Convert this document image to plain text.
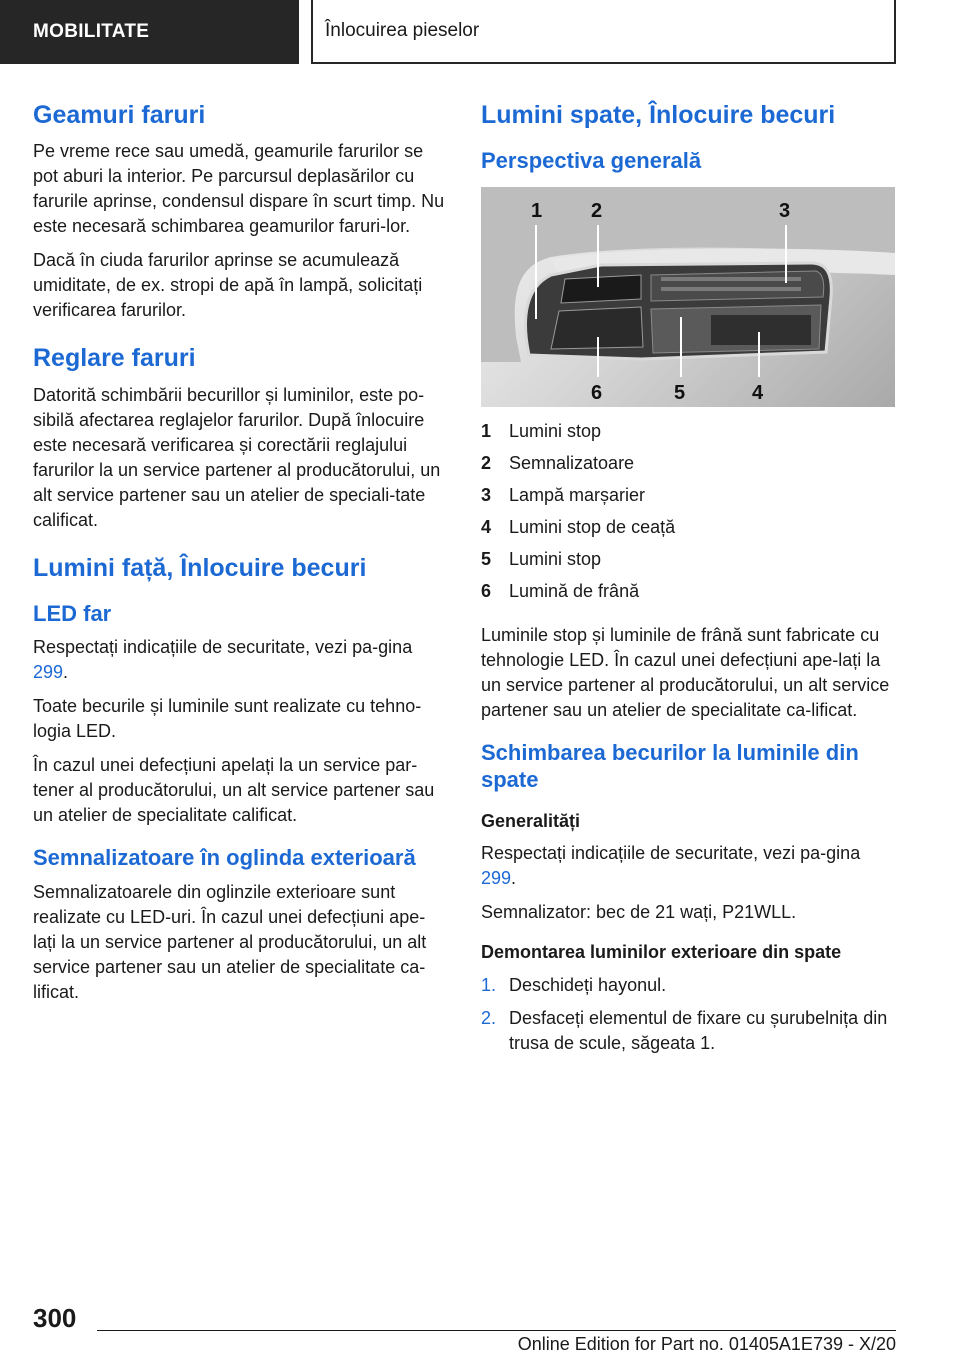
MOBILITATE	Înlocuirea pieselor
Geamuri faruri

Pe vreme rece sau umedă, geamurile farurilor se pot aburi la interior. Pe parcursul deplasărilor cu farurile aprinse, condensul dispare în scurt timp. Nu este necesară schimbarea geamurilor faruri-lor.

Dacă în ciuda farurilor aprinse se acumulează umiditate, de ex. stropi de apă în lampă, solicitați verificarea farurilor.

Reglare faruri

Datorită schimbării becurillor și luminilor, este po-sibilă afectarea reglajelor farurilor. După înlocuire este necesară verificarea și corectării reglajului farurilor la un service partener al producătorului, un alt service partener sau un atelier de speciali-tate calificat.

Lumini față, Înlocuire becuri
LED far

Respectați indicațiile de securitate, vezi pa-gina 299.

Toate becurile și luminile sunt realizate cu tehno-logia LED.

În cazul unei defecțiuni apelați la un service par-tener al producătorului, un alt service partener sau un atelier de specialitate calificat.

Semnalizatoare în oglinda exterioară

Semnalizatoarele din oglinzile exterioare sunt realizate cu LED-uri. În cazul unei defecțiuni ape-lați la un service partener al producătorului, un alt service partener sau un atelier de specialitate ca-lificat.

Lumini spate, Înlocuire becuri
Perspectiva generală
1 2	3
6	5	4
1 Lumini stop
2 Semnalizatoare
3 Lampă marșarier
4 Lumini stop de ceață
5 Lumini stop
6 Lumină de frână

Luminile stop și luminile de frână sunt fabricate cu tehnologie LED. În cazul unei defecțiuni ape-lați la un service partener al producătorului, un alt service partener sau un atelier de specialitate ca-lificat.

Schimbarea becurilor la luminile din spate
Generalități

Respectați indicațiile de securitate, vezi pa-gina 299.

Semnalizator: bec de 21 wați, P21WLL.

Demontarea luminilor exterioare din spate
1. Deschideți hayonul.
2. Desfaceți elementul de fixare cu șurubelnița din trusa de scule, săgeata 1.
300
Online Edition for Part no. 01405A1E739 - X/20
